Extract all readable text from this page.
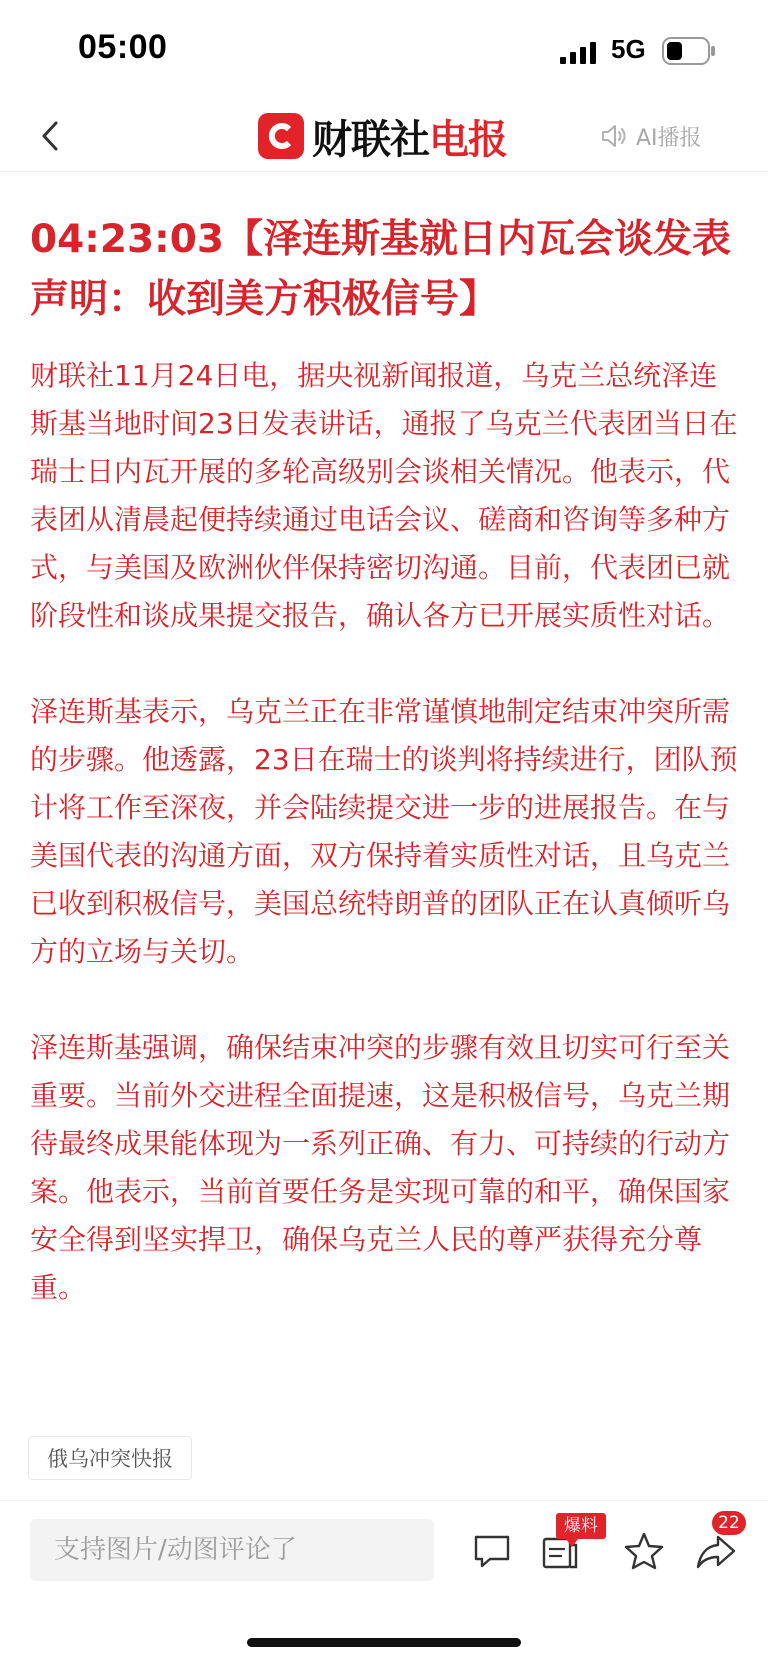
05:00	5G
财联社 电报	AI播报
04:23:03【泽连斯基就日内瓦会谈发表声明：收到美方积极信号】

财联社11月24日电，据央视新闻报道，乌克兰总统泽连斯基当地时间23日发表讲话，通报了乌克兰代表团当日在瑞士日内瓦开展的多轮高级别会谈相关情况。他表示，代表团从清晨起便持续通过电话会议、磋商和咨询等多种方式，与美国及欧洲伙伴保持密切沟通。目前，代表团已就阶段性和谈成果提交报告，确认各方已开展实质性对话。

泽连斯基表示，乌克兰正在非常谨慎地制定结束冲突所需的步骤。他透露，23日在瑞士的谈判将持续进行，团队预计将工作至深夜，并会陆续提交进一步的进展报告。在与美国代表的沟通方面，双方保持着实质性对话，且乌克兰已收到积极信号，美国总统特朗普的团队正在认真倾听乌方的立场与关切。

泽连斯基强调，确保结束冲突的步骤有效且切实可行至关重要。当前外交进程全面提速，这是积极信号，乌克兰期待最终成果能体现为一系列正确、有力、可持续的行动方案。他表示，当前首要任务是实现可靠的和平，确保国家安全得到坚实捍卫，确保乌克兰人民的尊严获得充分尊重。

俄乌冲突快报
支持图片/动图评论了
爆料	22
